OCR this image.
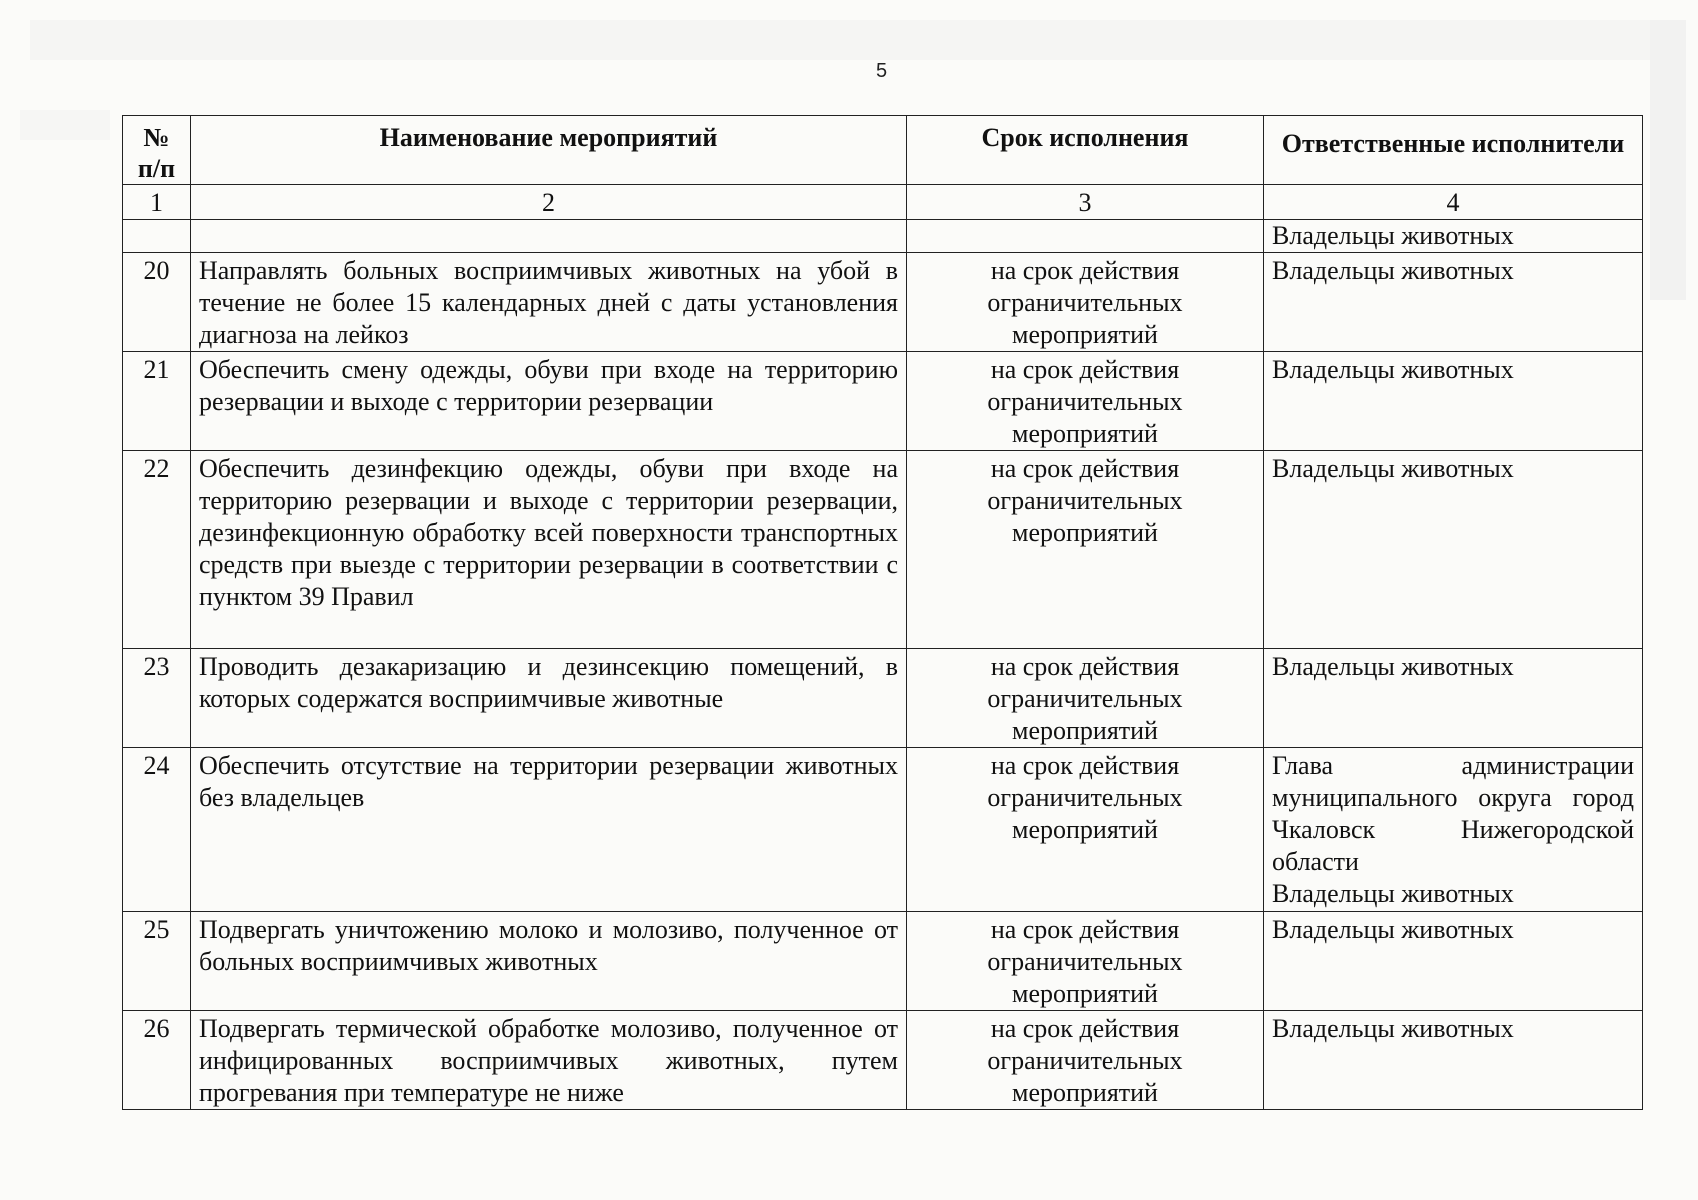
5
№ п/п	Наименование мероприятий	Срок исполнения	Ответственные исполнители
1	2	3	4
			Владельцы животных
20	Направлять больных восприимчивых животных на убой в течение не более 15 календарных дней с даты установления диагноза на лейкоз	на срок действия ограничительных мероприятий	Владельцы животных
21	Обеспечить смену одежды, обуви при входе на территорию резервации и выходе с территории резервации	на срок действия ограничительных мероприятий	Владельцы животных
22	Обеспечить дезинфекцию одежды, обуви при входе на территорию резервации и выходе с территории резервации, дезинфекционную обработку всей поверхности транспортных средств при выезде с территории резервации в соответствии с пунктом 39 Правил	на срок действия ограничительных мероприятий	Владельцы животных
23	Проводить дезакаризацию и дезинсекцию помещений, в которых содержатся восприимчивые животные	на срок действия ограничительных мероприятий	Владельцы животных
24	Обеспечить отсутствие на территории резервации животных без владельцев	на срок действия ограничительных мероприятий	Глава администрации муниципального округа город Чкаловск Нижегородской области
Владельцы животных

25	Подвергать уничтожению молоко и молозиво, полученное от больных восприимчивых животных	на срок действия ограничительных мероприятий	Владельцы животных
26	Подвергать термической обработке молозиво, полученное от инфицированных восприимчивых животных, путем прогревания при температуре не ниже	на срок действия ограничительных мероприятий	Владельцы животных
